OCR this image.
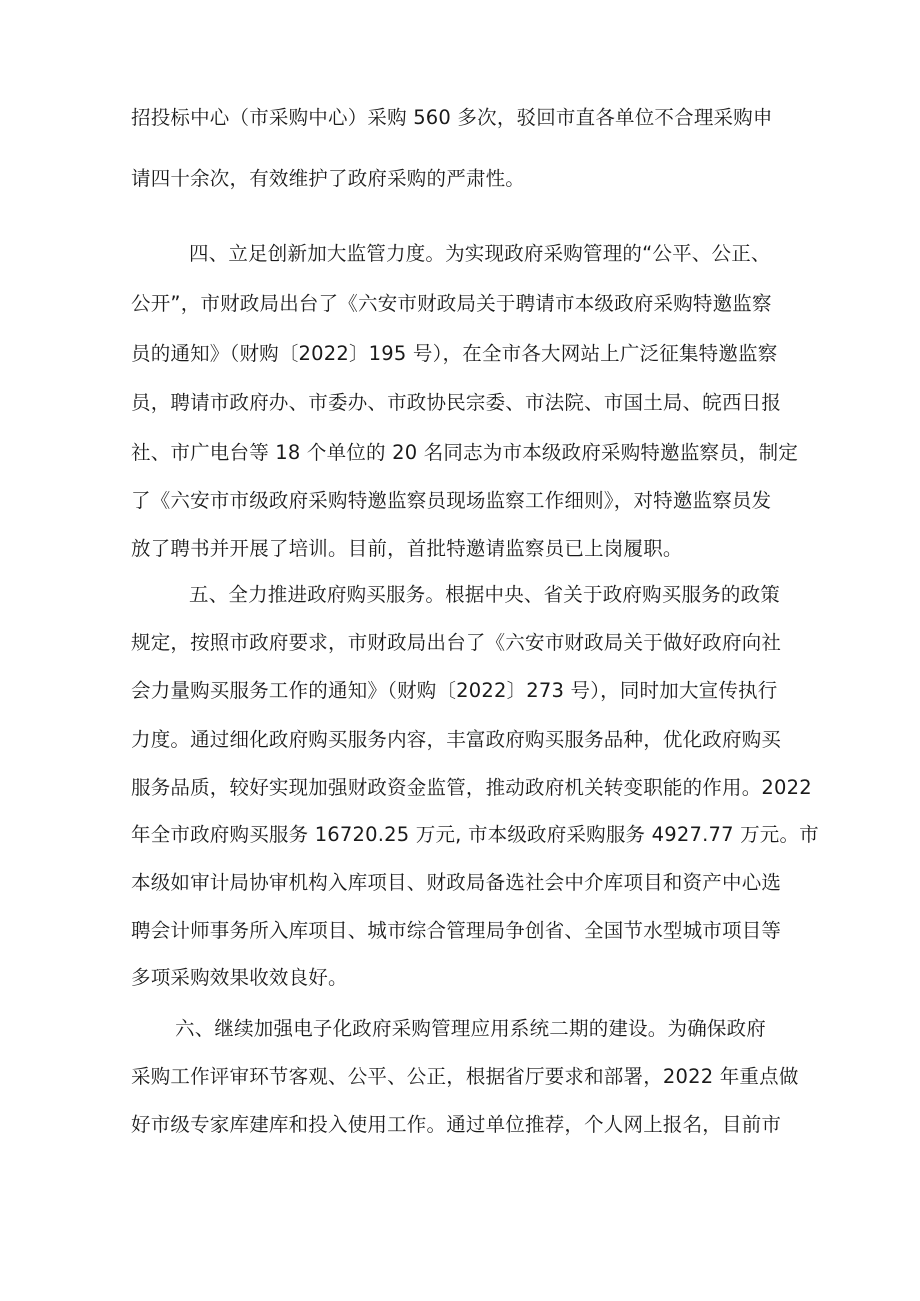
招投标中心（市采购中心）采购 560 多次，驳回市直各单位不合理采购申
请四十余次，有效维护了政府采购的严肃性。
四、立足创新加大监管力度。为实现政府采购管理的“公平、公正、
公开”，市财政局出台了《六安市财政局关于聘请市本级政府采购特邀监察
员的通知》（财购〔2022〕195 号），在全市各大网站上广泛征集特邀监察
员，聘请市政府办、市委办、市政协民宗委、市法院、市国土局、皖西日报
社、市广电台等 18 个单位的 20 名同志为市本级政府采购特邀监察员，制定
了《六安市市级政府采购特邀监察员现场监察工作细则》，对特邀监察员发
放了聘书并开展了培训。目前，首批特邀请监察员已上岗履职。
五、全力推进政府购买服务。根据中央、省关于政府购买服务的政策
规定，按照市政府要求，市财政局出台了《六安市财政局关于做好政府向社
会力量购买服务工作的通知》（财购〔2022〕273 号），同时加大宣传执行
力度。通过细化政府购买服务内容，丰富政府购买服务品种，优化政府购买
服务品质，较好实现加强财政资金监管，推动政府机关转变职能的作用。2022
年全市政府购买服务 16720.25 万元, 市本级政府采购服务 4927.77 万元。市
本级如审计局协审机构入库项目、财政局备选社会中介库项目和资产中心选
聘会计师事务所入库项目、城市综合管理局争创省、全国节水型城市项目等
多项采购效果收效良好。
六、继续加强电子化政府采购管理应用系统二期的建设。为确保政府
采购工作评审环节客观、公平、公正，根据省厅要求和部署，2022 年重点做
好市级专家库建库和投入使用工作。通过单位推荐，个人网上报名，目前市
